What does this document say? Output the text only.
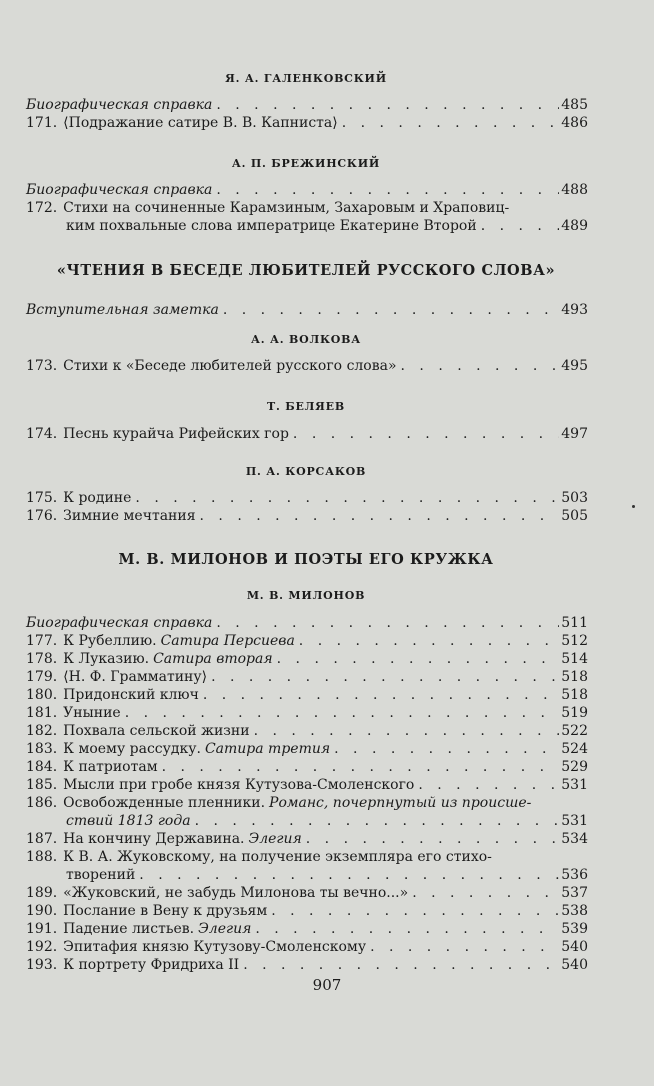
Я. А. ГАЛЕНКОВСКИЙ
Биографическая справка . . .	485
171. ⟨Подражание сатире В. В. Капниста⟩ . . .	486
А. П. БРЕЖИНСКИЙ
Биографическая справка . . .	488
172. Стихи на сочиненные Карамзиным, Захаровым и Храповиц-
ким похвальные слова императрице Екатерине Второй . . .	489
«ЧТЕНИЯ В БЕСЕДЕ ЛЮБИТЕЛЕЙ РУССКОГО СЛОВА»
Вступительная заметка . . .	493
А. А. ВОЛКОВА
173. Стихи к «Беседе любителей русского слова» . . .	495
Т. БЕЛЯЕВ
174. Песнь курайча Рифейских гор . . .	497
П. А. КОРСАКОВ
175. К родине . . .	503
176. Зимние мечтания . . .	505
М. В. МИЛОНОВ И ПОЭТЫ ЕГО КРУЖКА
М. В. МИЛОНОВ
Биографическая справка . . .	511
177. К Рубеллию. Сатира Персиева . . .	512
178. К Луказию. Сатира вторая . . .	514
179. ⟨Н. Ф. Грамматину⟩ . . .	518
180. Придонский ключ . . .	518
181. Уныние . . .	519
182. Похвала сельской жизни . . .	522
183. К моему рассудку. Сатира третия . . .	524
184. К патриотам . . .	529
185. Мысли при гробе князя Кутузова-Смоленского . . .	531
186. Освобожденные пленники. Романс, почерпнутый из происше-
ствий 1813 года . . .	531
187. На кончину Державина. Элегия . . .	534
188. К В. А. Жуковскому, на получение экземпляра его стихо-
творений . . .	536
189. «Жуковский, не забудь Милонова ты вечно...» . . .	537
190. Послание в Вену к друзьям . . .	538
191. Падение листьев. Элегия . . .	539
192. Эпитафия князю Кутузову-Смоленскому . . .	540
193. К портрету Фридриха II . . .	540
907
